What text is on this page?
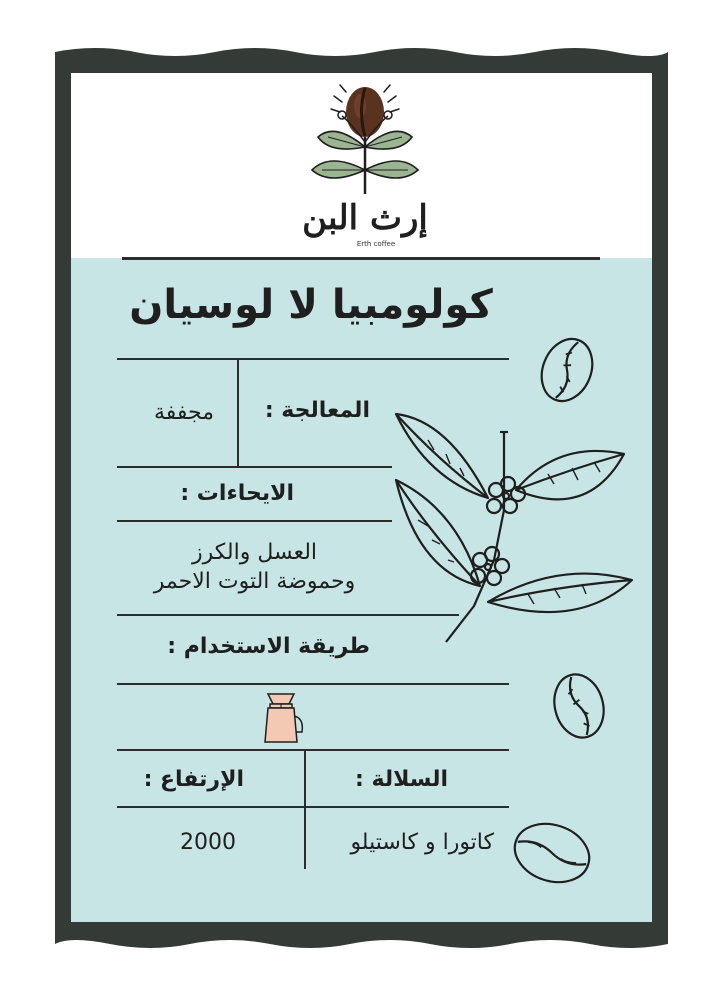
إرث البن
Erth coffee
كولومبيا لا لوسيان
المعالجة :
مجففة
الايحاءات :
العسل والكرز
وحموضة التوت الاحمر
طريقة الاستخدام :
السلالة :
الإرتفاع :
كاتورا و كاستيلو
2000
